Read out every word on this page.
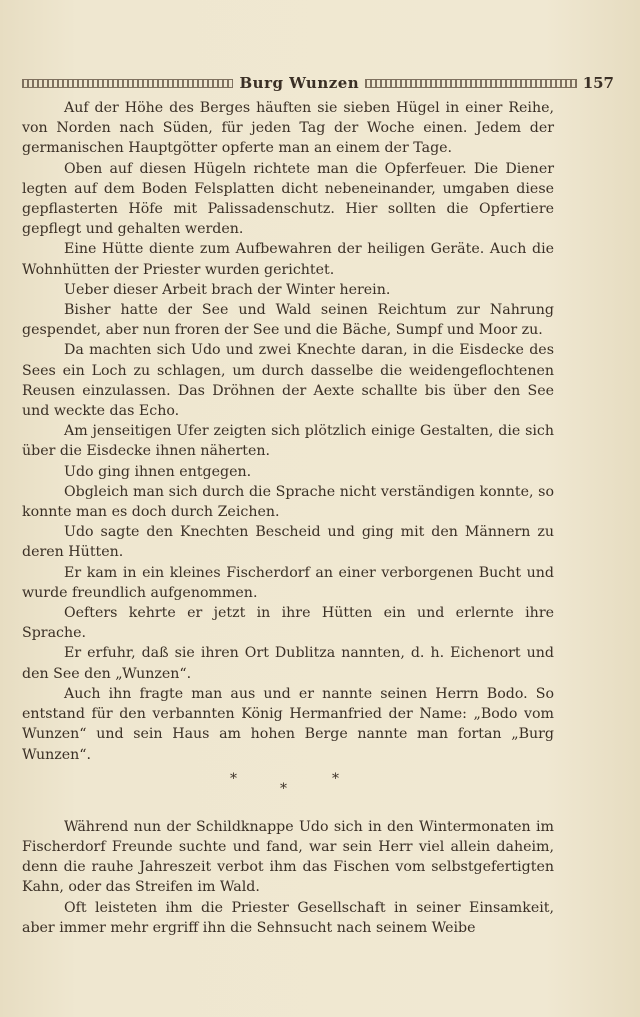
Burg Wunzen	157

Auf der Höhe des Berges häuften sie sieben Hügel in einer Reihe, von Norden nach Süden, für jeden Tag der Woche einen. Jedem der germanischen Hauptgötter opferte man an einem der Tage.

Oben auf diesen Hügeln richtete man die Opferfeuer. Die Diener legten auf dem Boden Felsplatten dicht nebeneinander, umgaben diese gepflasterten Höfe mit Palissadenschutz. Hier sollten die Opfertiere gepflegt und gehalten werden.

Eine Hütte diente zum Aufbewahren der heiligen Geräte. Auch die Wohnhütten der Priester wurden gerichtet.

Ueber dieser Arbeit brach der Winter herein.

Bisher hatte der See und Wald seinen Reichtum zur Nahrung gespendet, aber nun froren der See und die Bäche, Sumpf und Moor zu.

Da machten sich Udo und zwei Knechte daran, in die Eisdecke des Sees ein Loch zu schlagen, um durch dasselbe die weidengeflochtenen Reusen einzulassen. Das Dröhnen der Aexte schallte bis über den See und weckte das Echo.

Am jenseitigen Ufer zeigten sich plötzlich einige Gestalten, die sich über die Eisdecke ihnen näherten.

Udo ging ihnen entgegen.

Obgleich man sich durch die Sprache nicht verständigen konnte, so konnte man es doch durch Zeichen.

Udo sagte den Knechten Bescheid und ging mit den Männern zu deren Hütten.

Er kam in ein kleines Fischerdorf an einer verborgenen Bucht und wurde freundlich aufgenommen.

Oefters kehrte er jetzt in ihre Hütten ein und erlernte ihre Sprache.

Er erfuhr, daß sie ihren Ort Dublitza nannten, d. h. Eichenort und den See den „Wunzen“.

Auch ihn fragte man aus und er nannte seinen Herrn Bodo. So entstand für den verbannten König Hermanfried der Name: „Bodo vom Wunzen“ und sein Haus am hohen Berge nannte man fortan „Burg Wunzen“.

*
*
*

Während nun der Schildknappe Udo sich in den Wintermonaten im Fischerdorf Freunde suchte und fand, war sein Herr viel allein daheim, denn die rauhe Jahreszeit verbot ihm das Fischen vom selbstgefertigten Kahn, oder das Streifen im Wald.

Oft leisteten ihm die Priester Gesellschaft in seiner Einsamkeit, aber immer mehr ergriff ihn die Sehnsucht nach seinem Weibe
